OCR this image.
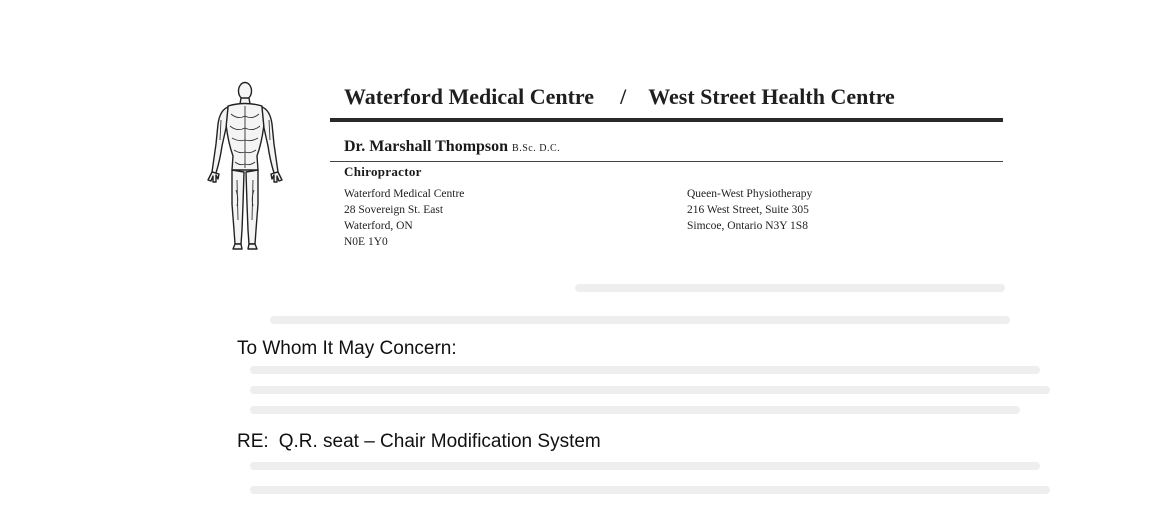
Waterford Medical Centre / West Street Health Centre
Dr. Marshall Thompson B.Sc. D.C.
Chiropractor
Waterford Medical Centre
28 Sovereign St. East
Waterford, ON
N0E 1Y0
Queen-West Physiotherapy
216 West Street, Suite 305
Simcoe, Ontario N3Y 1S8
To Whom It May Concern:
RE: Q.R. seat – Chair Modification System
